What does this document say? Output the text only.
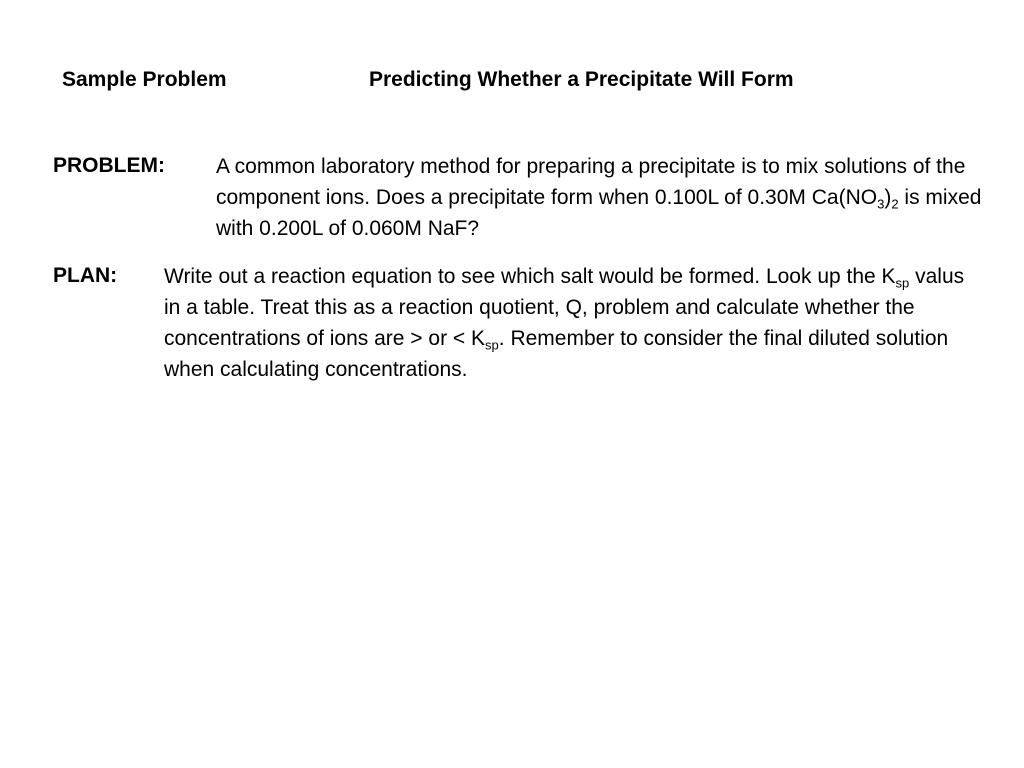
Sample Problem	Predicting Whether a Precipitate Will Form
PROBLEM: A common laboratory method for preparing a precipitate is to mix solutions of the component ions. Does a precipitate form when 0.100L of 0.30M $Ca(NO_3)_2$ is mixed with 0.200L of 0.060M NaF?
PLAN: Write out a reaction equation to see which salt would be formed. Look up the $K_{sp}$ valus in a table. Treat this as a reaction quotient, Q, problem and calculate whether the concentrations of ions are > or < $K_{sp}$. Remember to consider the final diluted solution when calculating concentrations.
